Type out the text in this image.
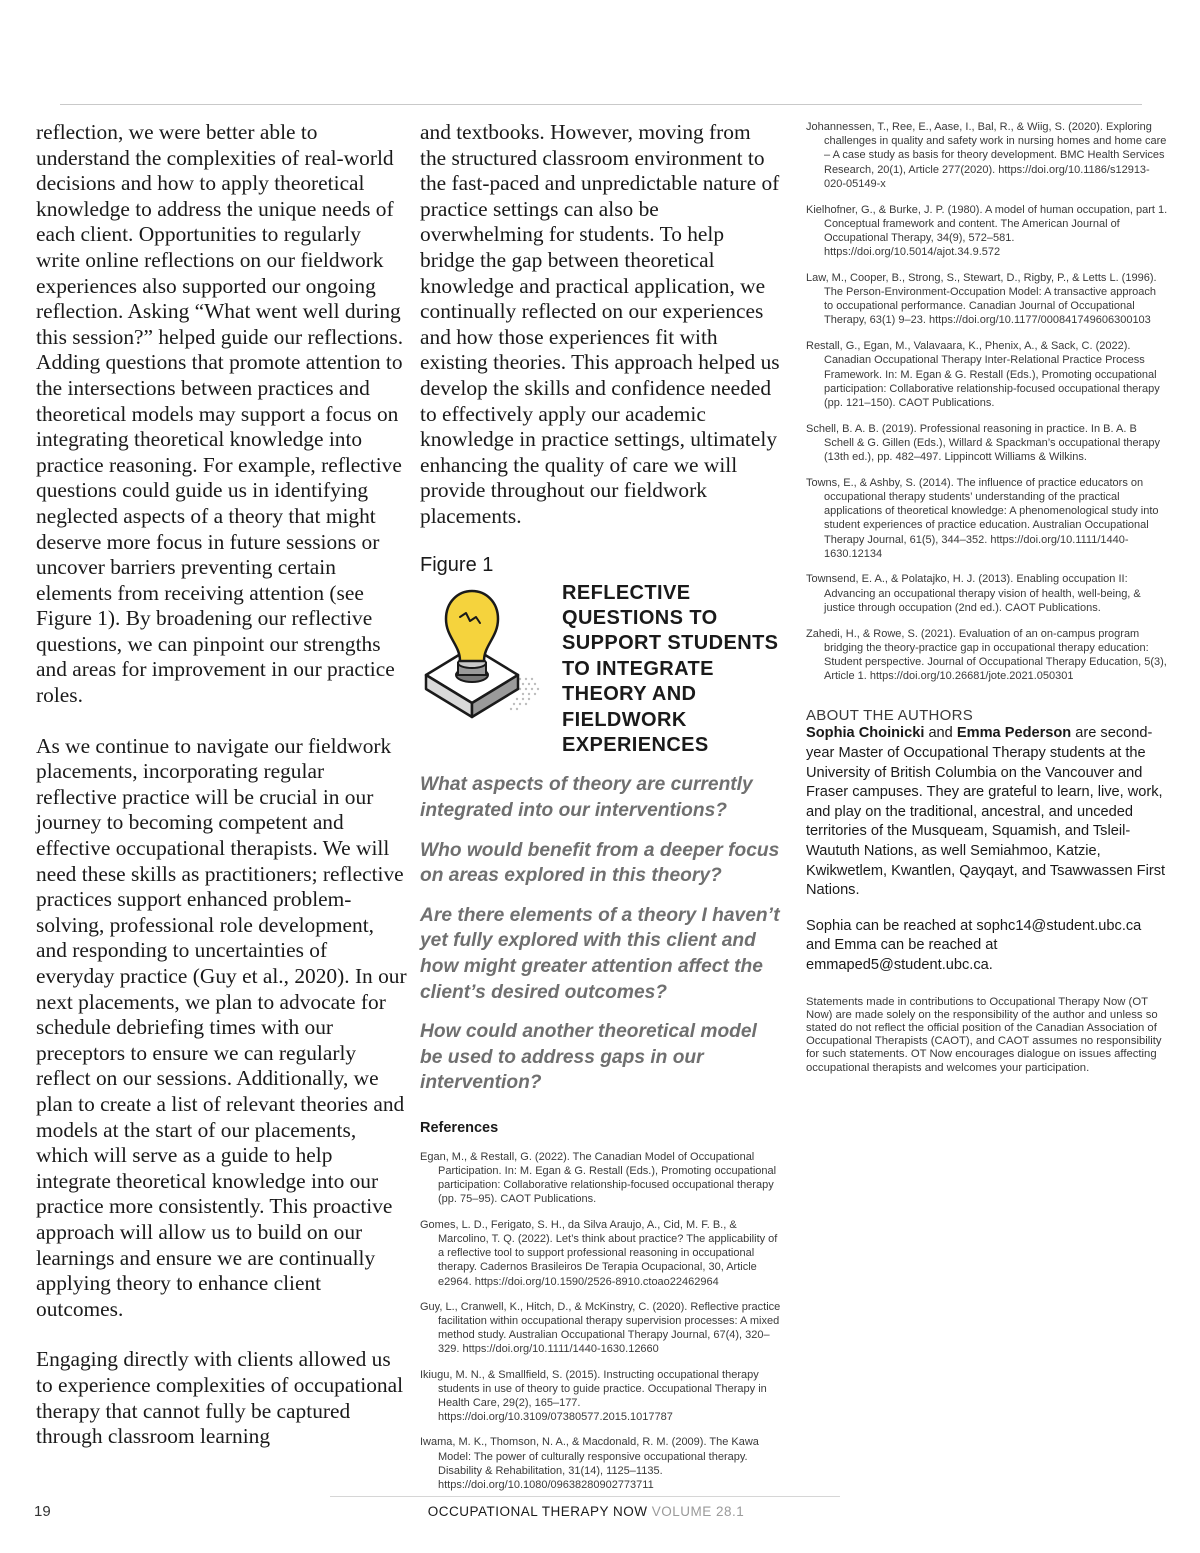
reflection, we were better able to understand the complexities of real-world decisions and how to apply theoretical knowledge to address the unique needs of each client. Opportunities to regularly write online reflections on our fieldwork experiences also supported our ongoing reflection. Asking “What went well during this session?” helped guide our reflections. Adding questions that promote attention to the intersections between practices and theoretical models may support a focus on integrating theoretical knowledge into practice reasoning. For example, reflective questions could guide us in identifying neglected aspects of a theory that might deserve more focus in future sessions or uncover barriers preventing certain elements from receiving attention (see Figure 1). By broadening our reflective questions, we can pinpoint our strengths and areas for improvement in our practice roles.

As we continue to navigate our fieldwork placements, incorporating regular reflective practice will be crucial in our journey to becoming competent and effective occupational therapists. We will need these skills as practitioners; reflective practices support enhanced problem-solving, professional role development, and responding to uncertainties of everyday practice (Guy et al., 2020). In our next placements, we plan to advocate for schedule debriefing times with our preceptors to ensure we can regularly reflect on our sessions. Additionally, we plan to create a list of relevant theories and models at the start of our placements, which will serve as a guide to help integrate theoretical knowledge into our practice more consistently. This proactive approach will allow us to build on our learnings and ensure we are continually applying theory to enhance client outcomes.

Engaging directly with clients allowed us to experience complexities of occupational therapy that cannot fully be captured through classroom learning

and textbooks. However, moving from the structured classroom environment to the fast-paced and unpredictable nature of practice settings can also be overwhelming for students. To help bridge the gap between theoretical knowledge and practical application, we continually reflected on our experiences and how those experiences fit with existing theories. This approach helped us develop the skills and confidence needed to effectively apply our academic knowledge in practice settings, ultimately enhancing the quality of care we will provide throughout our fieldwork placements.
Figure 1
REFLECTIVE QUESTIONS TO SUPPORT STUDENTS TO INTEGRATE THEORY AND FIELDWORK EXPERIENCES

What aspects of theory are currently integrated into our interventions?

Who would benefit from a deeper focus on areas explored in this theory?

Are there elements of a theory I haven’t yet fully explored with this client and how might greater attention affect the client’s desired outcomes?

How could another theoretical model be used to address gaps in our intervention?

References

Egan, M., & Restall, G. (2022). The Canadian Model of Occupational Participation. In: M. Egan & G. Restall (Eds.), Promoting occupational participation: Collaborative relationship-focused occupational therapy (pp. 75–95). CAOT Publications.

Gomes, L. D., Ferigato, S. H., da Silva Araujo, A., Cid, M. F. B., & Marcolino, T. Q. (2022). Let’s think about practice? The applicability of a reflective tool to support professional reasoning in occupational therapy. Cadernos Brasileiros De Terapia Ocupacional, 30, Article e2964. https://doi.org/10.1590/2526-8910.ctoao22462964

Guy, L., Cranwell, K., Hitch, D., & McKinstry, C. (2020). Reflective practice facilitation within occupational therapy supervision processes: A mixed method study. Australian Occupational Therapy Journal, 67(4), 320–329. https://doi.org/10.1111/1440-1630.12660

Ikiugu, M. N., & Smallfield, S. (2015). Instructing occupational therapy students in use of theory to guide practice. Occupational Therapy in Health Care, 29(2), 165–177. https://doi.org/10.3109/07380577.2015.1017787

Iwama, M. K., Thomson, N. A., & Macdonald, R. M. (2009). The Kawa Model: The power of culturally responsive occupational therapy. Disability & Rehabilitation, 31(14), 1125–1135. https://doi.org/10.1080/09638280902773711

Johannessen, T., Ree, E., Aase, I., Bal, R., & Wiig, S. (2020). Exploring challenges in quality and safety work in nursing homes and home care – A case study as basis for theory development. BMC Health Services Research, 20(1), Article 277(2020). https://doi.org/10.1186/s12913-020-05149-x

Kielhofner, G., & Burke, J. P. (1980). A model of human occupation, part 1. Conceptual framework and content. The American Journal of Occupational Therapy, 34(9), 572–581. https://doi.org/10.5014/ajot.34.9.572

Law, M., Cooper, B., Strong, S., Stewart, D., Rigby, P., & Letts L. (1996). The Person-Environment-Occupation Model: A transactive approach to occupational performance. Canadian Journal of Occupational Therapy, 63(1) 9–23. https://doi.org/10.1177/000841749606300103

Restall, G., Egan, M., Valavaara, K., Phenix, A., & Sack, C. (2022). Canadian Occupational Therapy Inter-Relational Practice Process Framework. In: M. Egan & G. Restall (Eds.), Promoting occupational participation: Collaborative relationship-focused occupational therapy (pp. 121–150). CAOT Publications.

Schell, B. A. B. (2019). Professional reasoning in practice. In B. A. B Schell & G. Gillen (Eds.), Willard & Spackman’s occupational therapy (13th ed.), pp. 482–497. Lippincott Williams & Wilkins.

Towns, E., & Ashby, S. (2014). The influence of practice educators on occupational therapy students’ understanding of the practical applications of theoretical knowledge: A phenomenological study into student experiences of practice education. Australian Occupational Therapy Journal, 61(5), 344–352. https://doi.org/10.1111/1440-1630.12134

Townsend, E. A., & Polatajko, H. J. (2013). Enabling occupation II: Advancing an occupational therapy vision of health, well-being, & justice through occupation (2nd ed.). CAOT Publications.

Zahedi, H., & Rowe, S. (2021). Evaluation of an on-campus program bridging the theory-practice gap in occupational therapy education: Student perspective. Journal of Occupational Therapy Education, 5(3), Article 1. https://doi.org/10.26681/jote.2021.050301

ABOUT THE AUTHORS

Sophia Choinicki and Emma Pederson are second-year Master of Occupational Therapy students at the University of British Columbia on the Vancouver and Fraser campuses. They are grateful to learn, live, work, and play on the traditional, ancestral, and unceded territories of the Musqueam, Squamish, and Tsleil-Waututh Nations, as well Semiahmoo, Katzie, Kwikwetlem, Kwantlen, Qayqayt, and Tsawwassen First Nations.

Sophia can be reached at sophc14@student.ubc.ca and Emma can be reached at emmaped5@student.ubc.ca.

Statements made in contributions to Occupational Therapy Now (OT Now) are made solely on the responsibility of the author and unless so stated do not reflect the official position of the Canadian Association of Occupational Therapists (CAOT), and CAOT assumes no responsibility for such statements. OT Now encourages dialogue on issues affecting occupational therapists and welcomes your participation.
19	OCCUPATIONAL THERAPY NOW VOLUME 28.1
